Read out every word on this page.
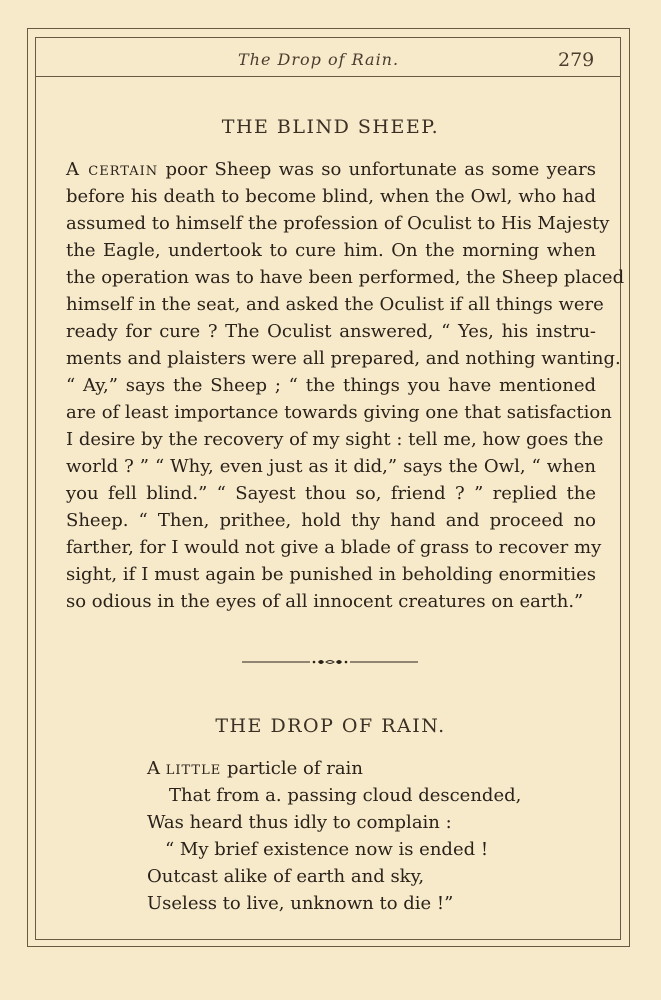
The Drop of Rain.	279
THE BLIND SHEEP.
A certain poor Sheep was so unfortunate as some years
before his death to become blind, when the Owl, who had
assumed to himself the profession of Oculist to His Majesty
the Eagle, undertook to cure him. On the morning when
the operation was to have been performed, the Sheep placed
himself in the seat, and asked the Oculist if all things were
ready for cure ? The Oculist answered, “ Yes, his instru-
ments and plaisters were all prepared, and nothing wanting.
“ Ay,” says the Sheep ; “ the things you have mentioned
are of least importance towards giving one that satisfaction
I desire by the recovery of my sight : tell me, how goes the
world ? ” “ Why, even just as it did,” says the Owl, “ when
you fell blind.” “ Sayest thou so, friend ? ” replied the
Sheep. “ Then, prithee, hold thy hand and proceed no
farther, for I would not give a blade of grass to recover my
sight, if I must again be punished in beholding enormities
so odious in the eyes of all innocent creatures on earth.”
THE DROP OF RAIN.
A little particle of rain
That from a. passing cloud descended,
Was heard thus idly to complain :
“ My brief existence now is ended !
Outcast alike of earth and sky,
Useless to live, unknown to die !”
